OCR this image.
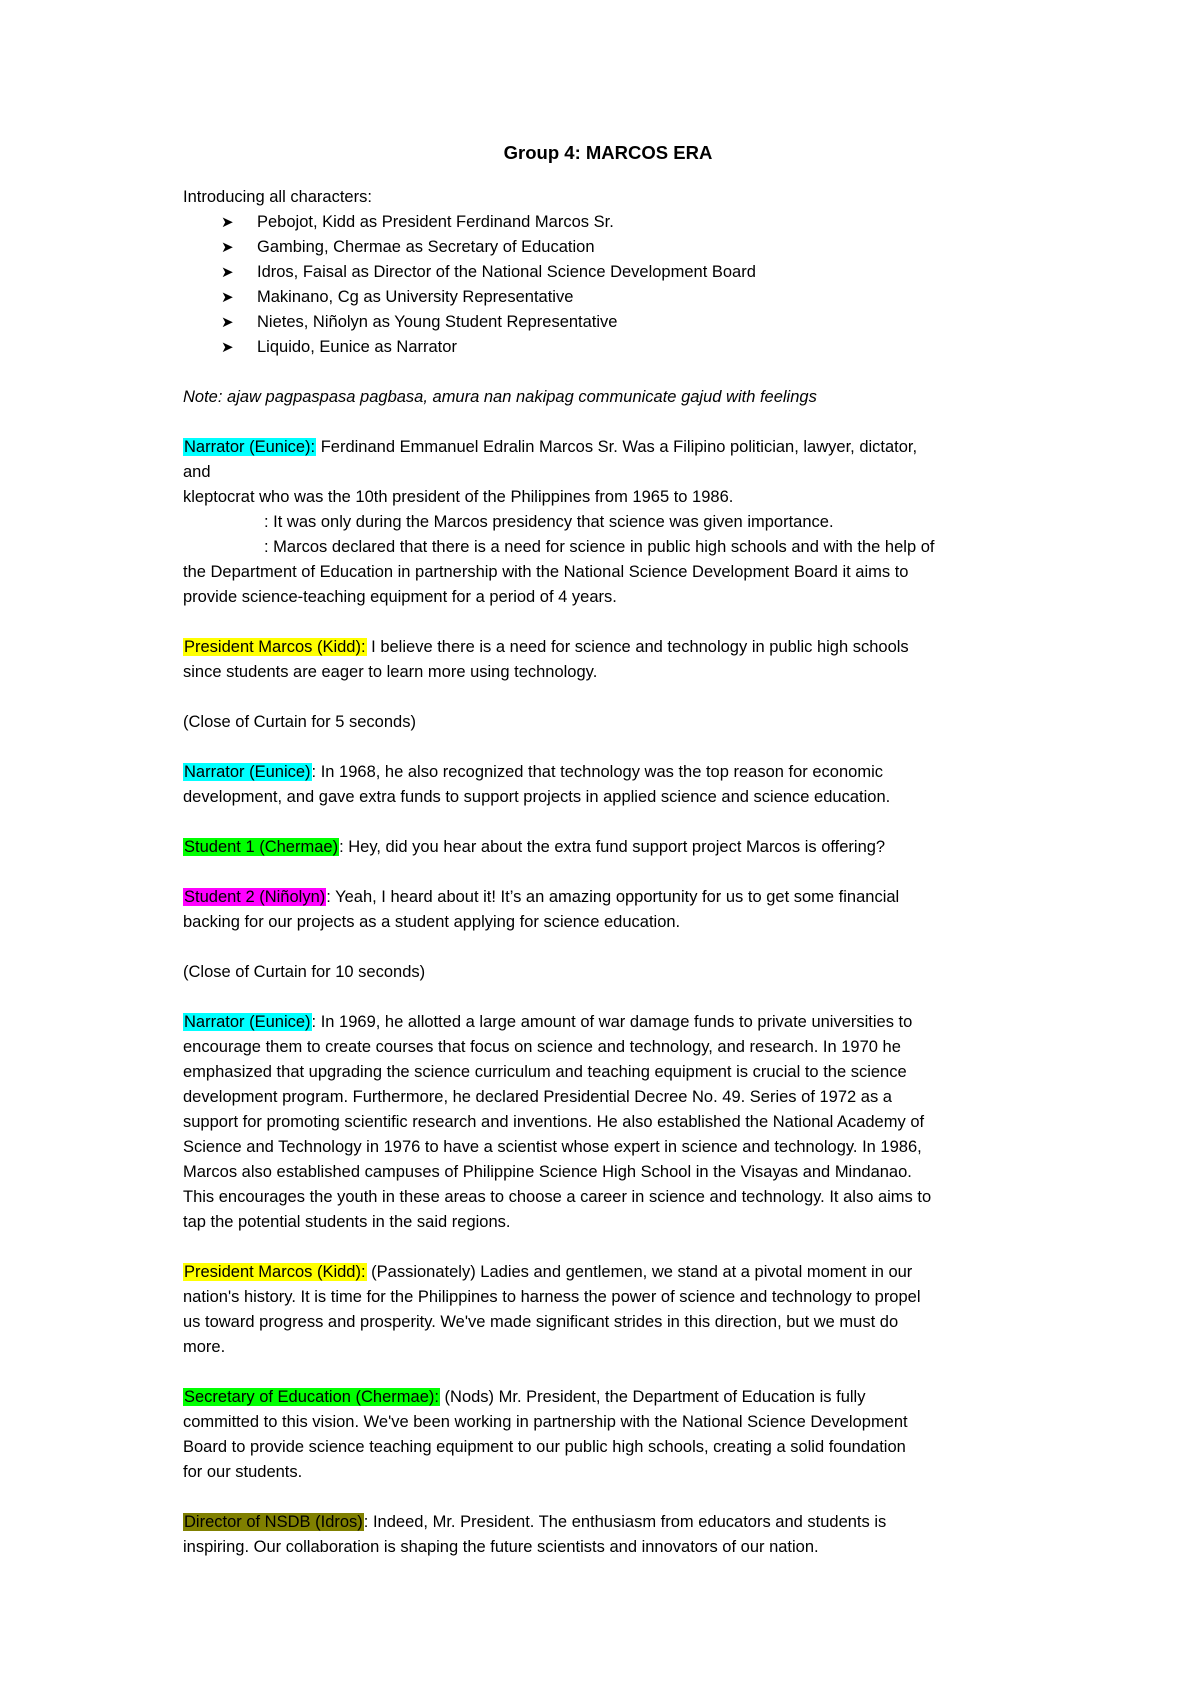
Group 4: MARCOS ERA

Introducing all characters:

➤ Pebojot, Kidd as President Ferdinand Marcos Sr.
➤ Gambing, Chermae as Secretary of Education
➤ Idros, Faisal as Director of the National Science Development Board
➤ Makinano, Cg as University Representative
➤ Nietes, Niñolyn as Young Student Representative
➤ Liquido, Eunice as Narrator

Note: ajaw pagpaspasa pagbasa, amura nan nakipag communicate gajud with feelings

Narrator (Eunice): Ferdinand Emmanuel Edralin Marcos Sr. Was a Filipino politician, lawyer, dictator,

and

kleptocrat who was the 10th president of the Philippines from 1965 to 1986.

: It was only during the Marcos presidency that science was given importance.

: Marcos declared that there is a need for science in public high schools and with the help of

the Department of Education in partnership with the National Science Development Board it aims to

provide science-teaching equipment for a period of 4 years.

President Marcos (Kidd): I believe there is a need for science and technology in public high schools

since students are eager to learn more using technology.

(Close of Curtain for 5 seconds)

Narrator (Eunice): In 1968, he also recognized that technology was the top reason for economic

development, and gave extra funds to support projects in applied science and science education.

Student 1 (Chermae): Hey, did you hear about the extra fund support project Marcos is offering?

Student 2 (Niñolyn): Yeah, I heard about it! It’s an amazing opportunity for us to get some financial

backing for our projects as a student applying for science education.

(Close of Curtain for 10 seconds)

Narrator (Eunice): In 1969, he allotted a large amount of war damage funds to private universities to

encourage them to create courses that focus on science and technology, and research. In 1970 he

emphasized that upgrading the science curriculum and teaching equipment is crucial to the science

development program. Furthermore, he declared Presidential Decree No. 49. Series of 1972 as a

support for promoting scientific research and inventions. He also established the National Academy of

Science and Technology in 1976 to have a scientist whose expert in science and technology. In 1986,

Marcos also established campuses of Philippine Science High School in the Visayas and Mindanao.

This encourages the youth in these areas to choose a career in science and technology. It also aims to

tap the potential students in the said regions.

President Marcos (Kidd): (Passionately) Ladies and gentlemen, we stand at a pivotal moment in our

nation's history. It is time for the Philippines to harness the power of science and technology to propel

us toward progress and prosperity. We've made significant strides in this direction, but we must do

more.

Secretary of Education (Chermae): (Nods) Mr. President, the Department of Education is fully

committed to this vision. We've been working in partnership with the National Science Development

Board to provide science teaching equipment to our public high schools, creating a solid foundation

for our students.

Director of NSDB (Idros): Indeed, Mr. President. The enthusiasm from educators and students is

inspiring. Our collaboration is shaping the future scientists and innovators of our nation.
